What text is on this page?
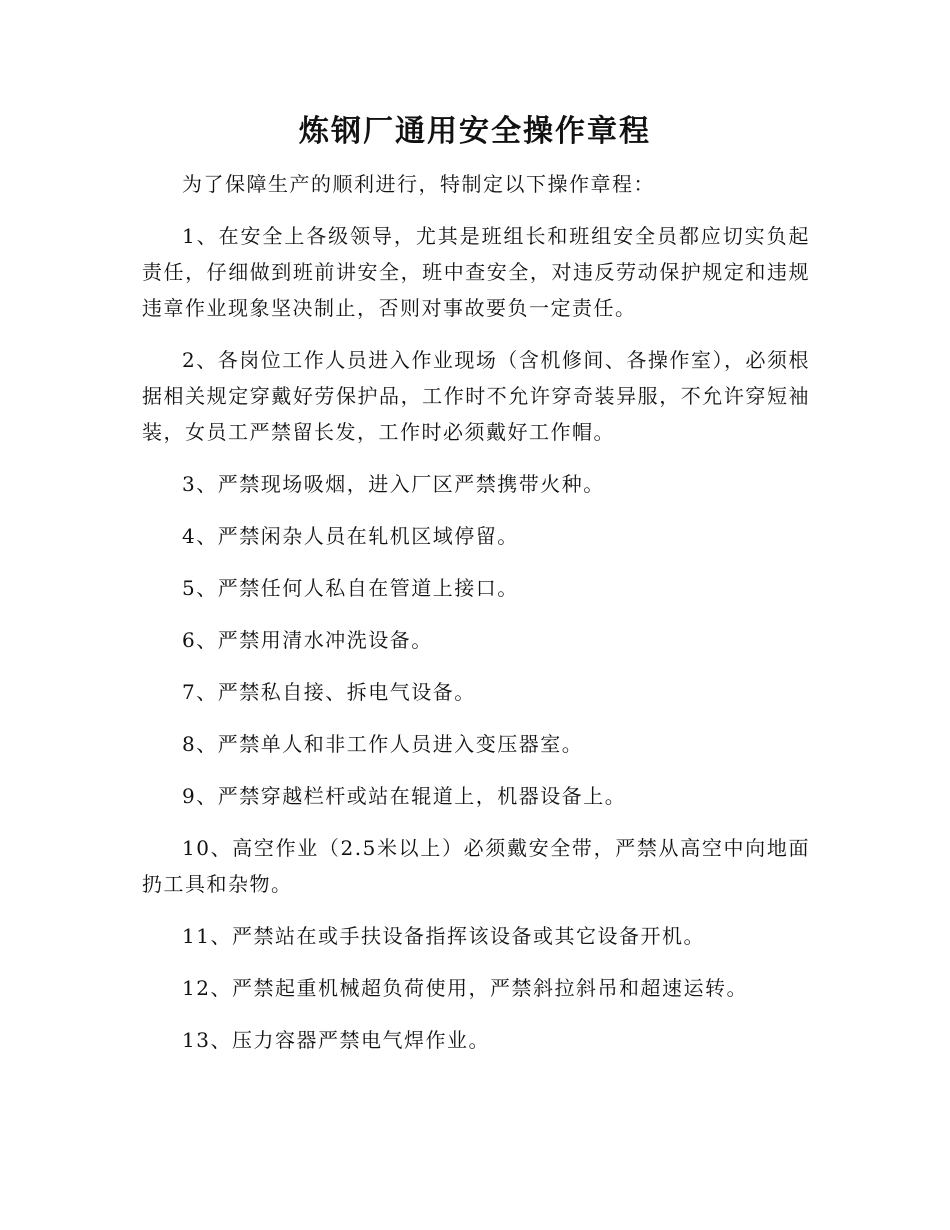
炼钢厂通用安全操作章程

为了保障生产的顺利进行，特制定以下操作章程：

1、在安全上各级领导，尤其是班组长和班组安全员都应切实负起责任，仔细做到班前讲安全，班中查安全，对违反劳动保护规定和违规违章作业现象坚决制止，否则对事故要负一定责任。

2、各岗位工作人员进入作业现场（含机修间、各操作室），必须根据相关规定穿戴好劳保护品，工作时不允许穿奇装异服，不允许穿短袖装，女员工严禁留长发，工作时必须戴好工作帽。

3、严禁现场吸烟，进入厂区严禁携带火种。

4、严禁闲杂人员在轧机区域停留。

5、严禁任何人私自在管道上接口。

6、严禁用清水冲洗设备。

7、严禁私自接、拆电气设备。

8、严禁单人和非工作人员进入变压器室。

9、严禁穿越栏杆或站在辊道上，机器设备上。

10、高空作业（2.5米以上）必须戴安全带，严禁从高空中向地面扔工具和杂物。

11、严禁站在或手扶设备指挥该设备或其它设备开机。

12、严禁起重机械超负荷使用，严禁斜拉斜吊和超速运转。

13、压力容器严禁电气焊作业。
